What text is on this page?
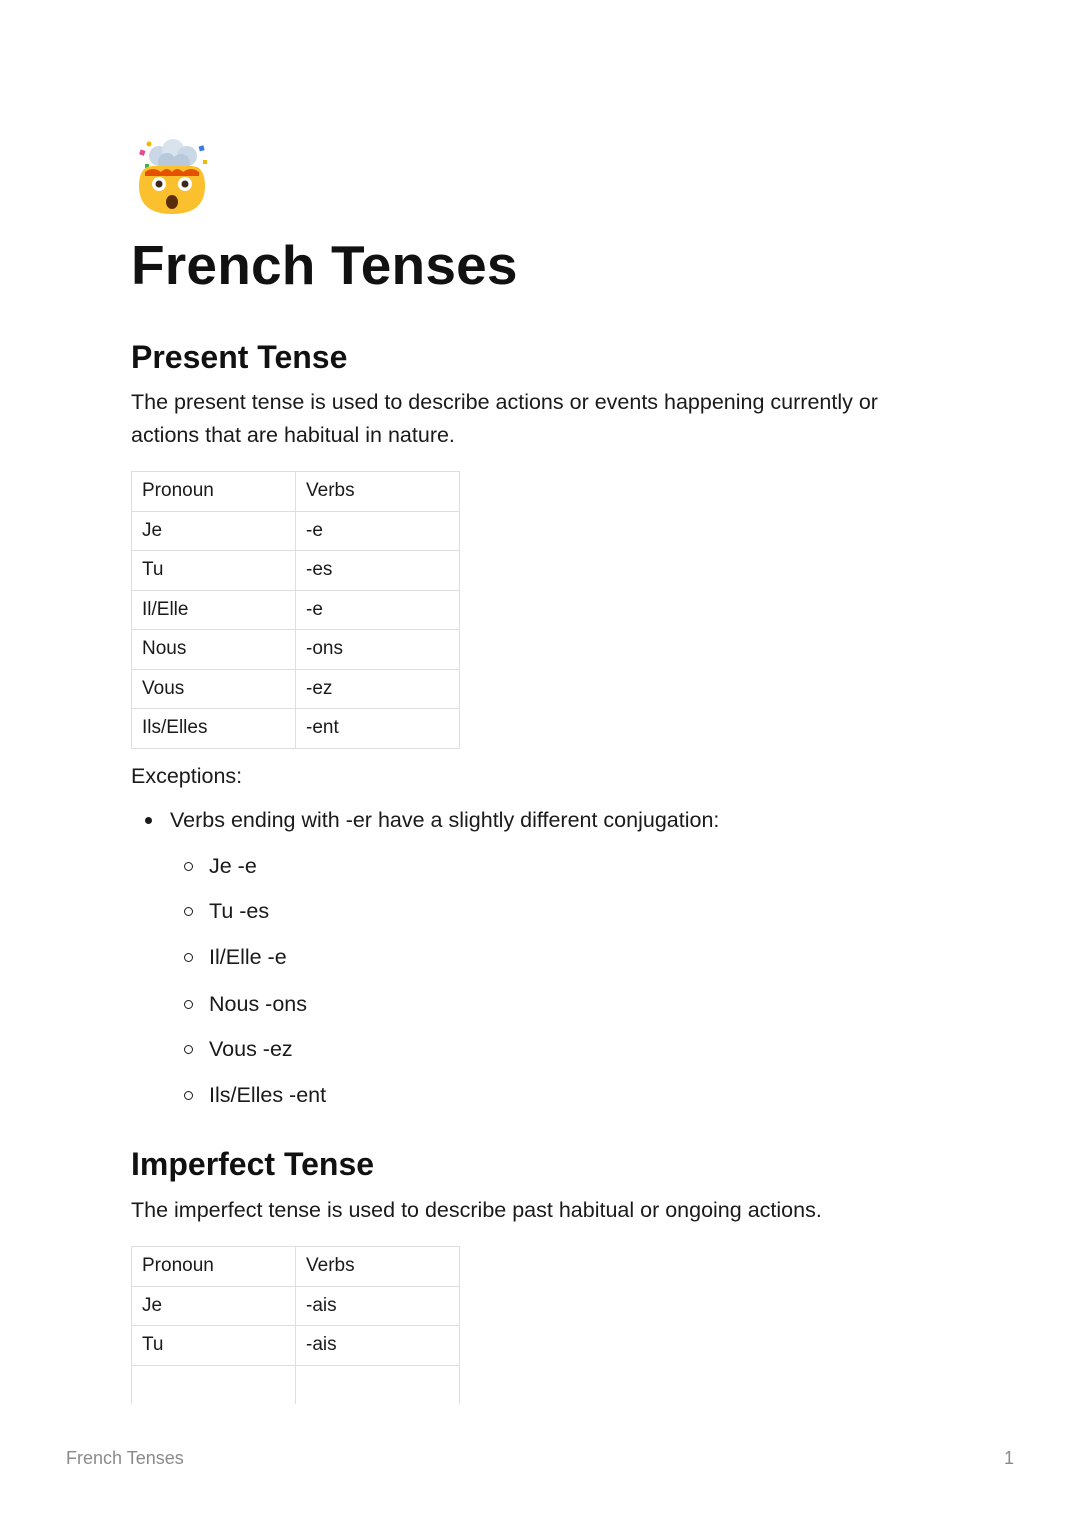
French Tenses
Present Tense

The present tense is used to describe actions or events happening currently or actions that are habitual in nature.

Pronoun	Verbs
Je	-e
Tu	-es
Il/Elle	-e
Nous	-ons
Vous	-ez
Ils/Elles	-ent

Exceptions:

Verbs ending with -er have a slightly different conjugation:
Je -e
Tu -es
Il/Elle -e
Nous -ons
Vous -ez
Ils/Elles -ent
Imperfect Tense

The imperfect tense is used to describe past habitual or ongoing actions.

Pronoun	Verbs
Je	-ais
Tu	-ais

French Tenses	1
